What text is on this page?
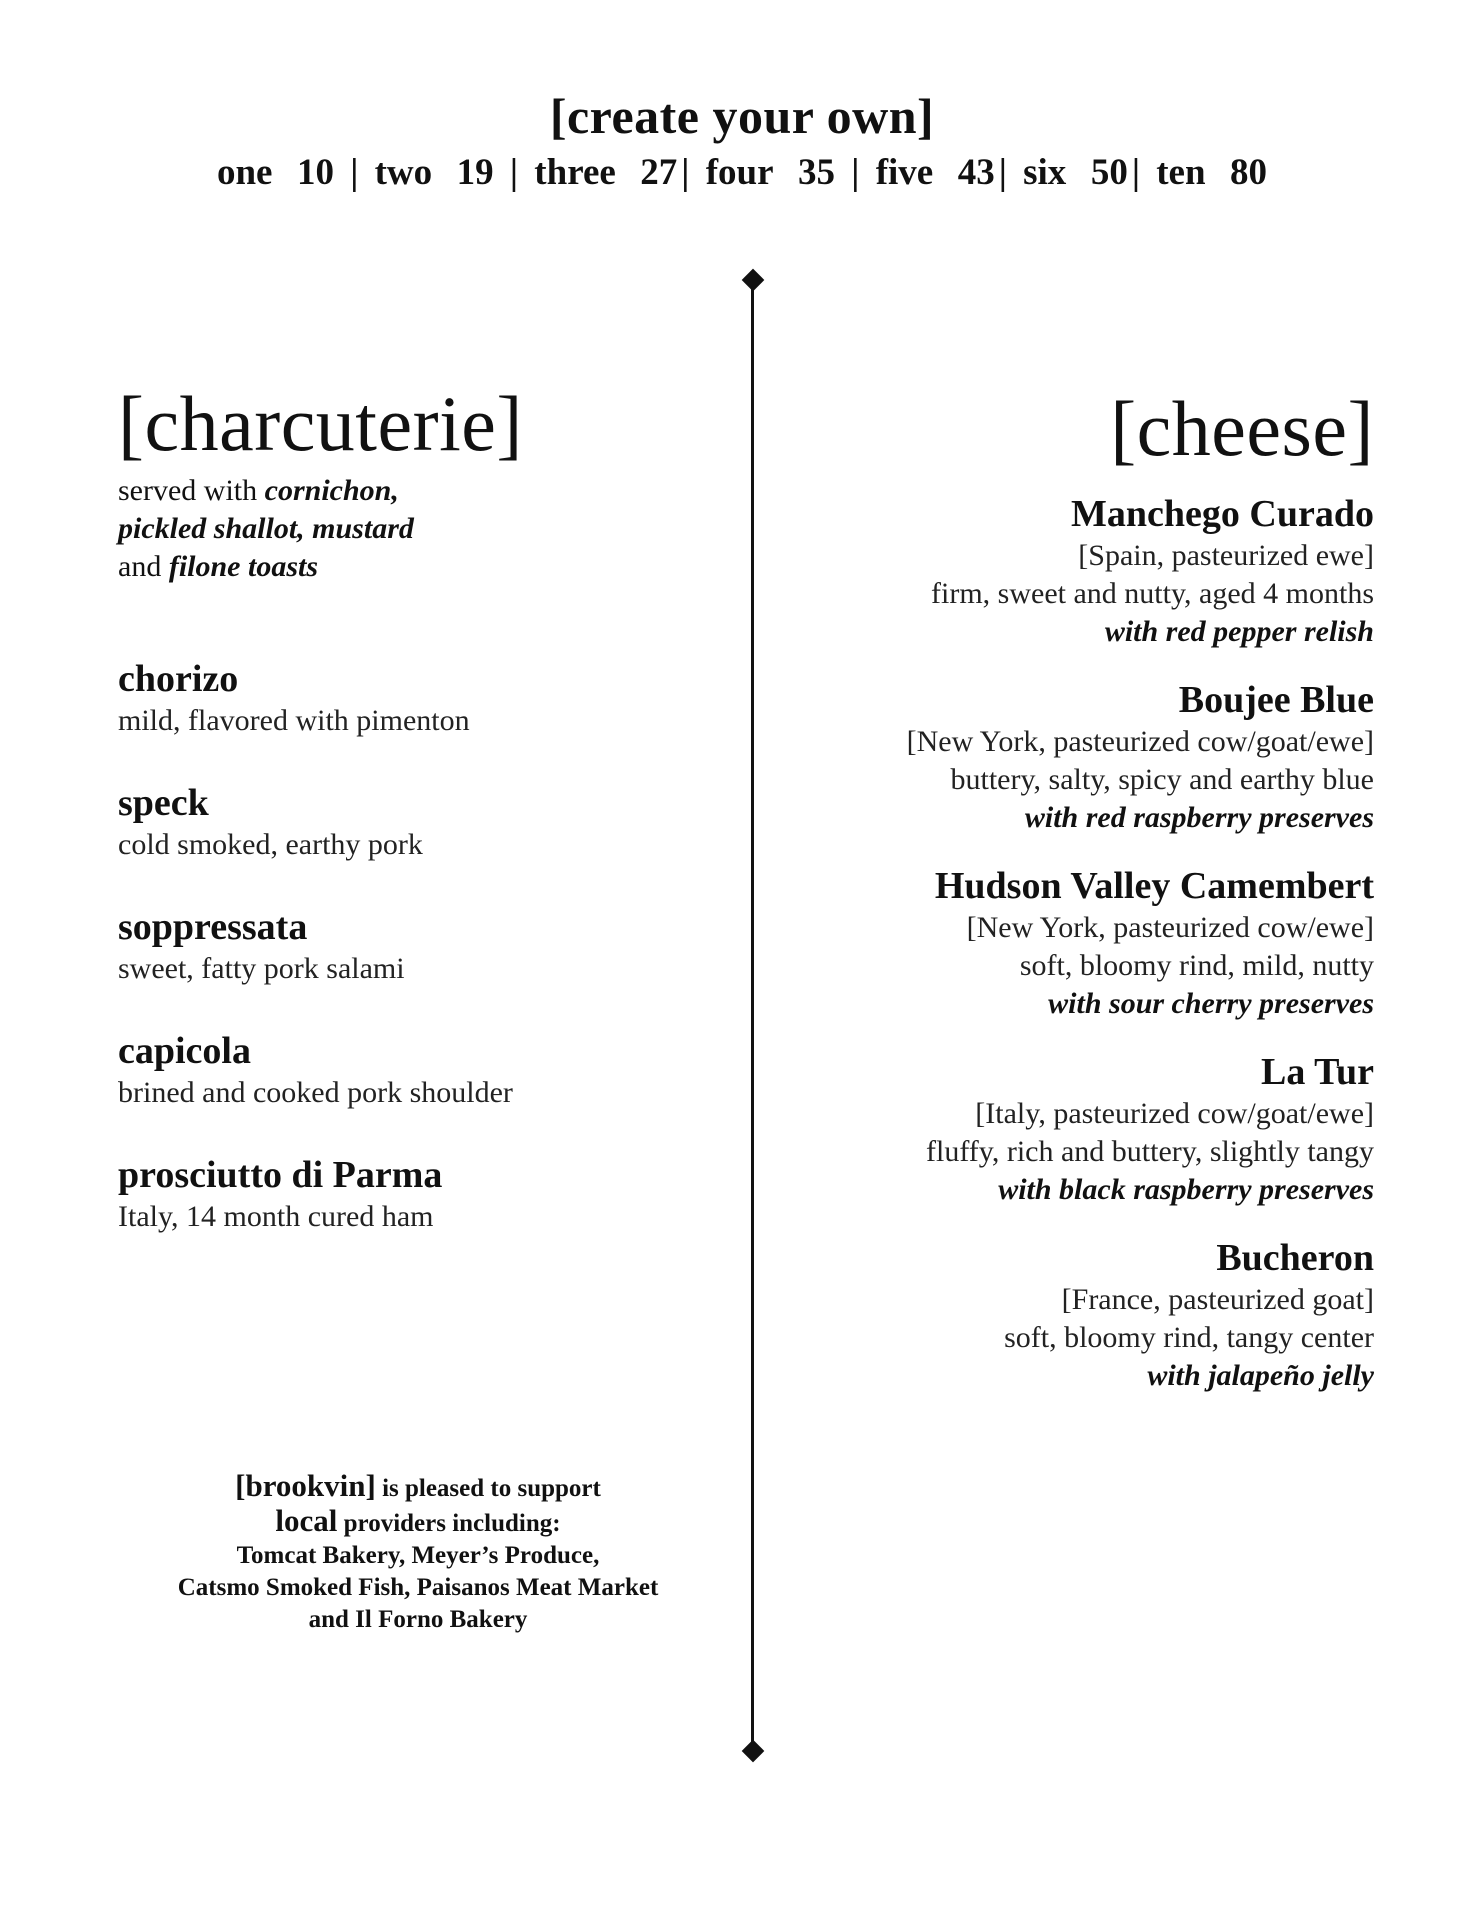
[create your own]
one 10 | two 19 | three 27 | four 35 | five 43 | six 50 | ten 80
[charcuterie]
served with cornichon,
pickled shallot, mustard
and filone toasts
chorizo
mild, flavored with pimenton
speck
cold smoked, earthy pork
soppressata
sweet, fatty pork salami
capicola
brined and cooked pork shoulder
prosciutto di Parma
Italy, 14 month cured ham
[brookvin] is pleased to support
local providers including:
Tomcat Bakery, Meyer’s Produce,
Catsmo Smoked Fish, Paisanos Meat Market
and Il Forno Bakery
[cheese]
Manchego Curado
[Spain, pasteurized ewe]
firm, sweet and nutty, aged 4 months
with red pepper relish
Boujee Blue
[New York, pasteurized cow/goat/ewe]
buttery, salty, spicy and earthy blue
with red raspberry preserves
Hudson Valley Camembert
[New York, pasteurized cow/ewe]
soft, bloomy rind, mild, nutty
with sour cherry preserves
La Tur
[Italy, pasteurized cow/goat/ewe]
fluffy, rich and buttery, slightly tangy
with black raspberry preserves
Bucheron
[France, pasteurized goat]
soft, bloomy rind, tangy center
with jalapeño jelly
